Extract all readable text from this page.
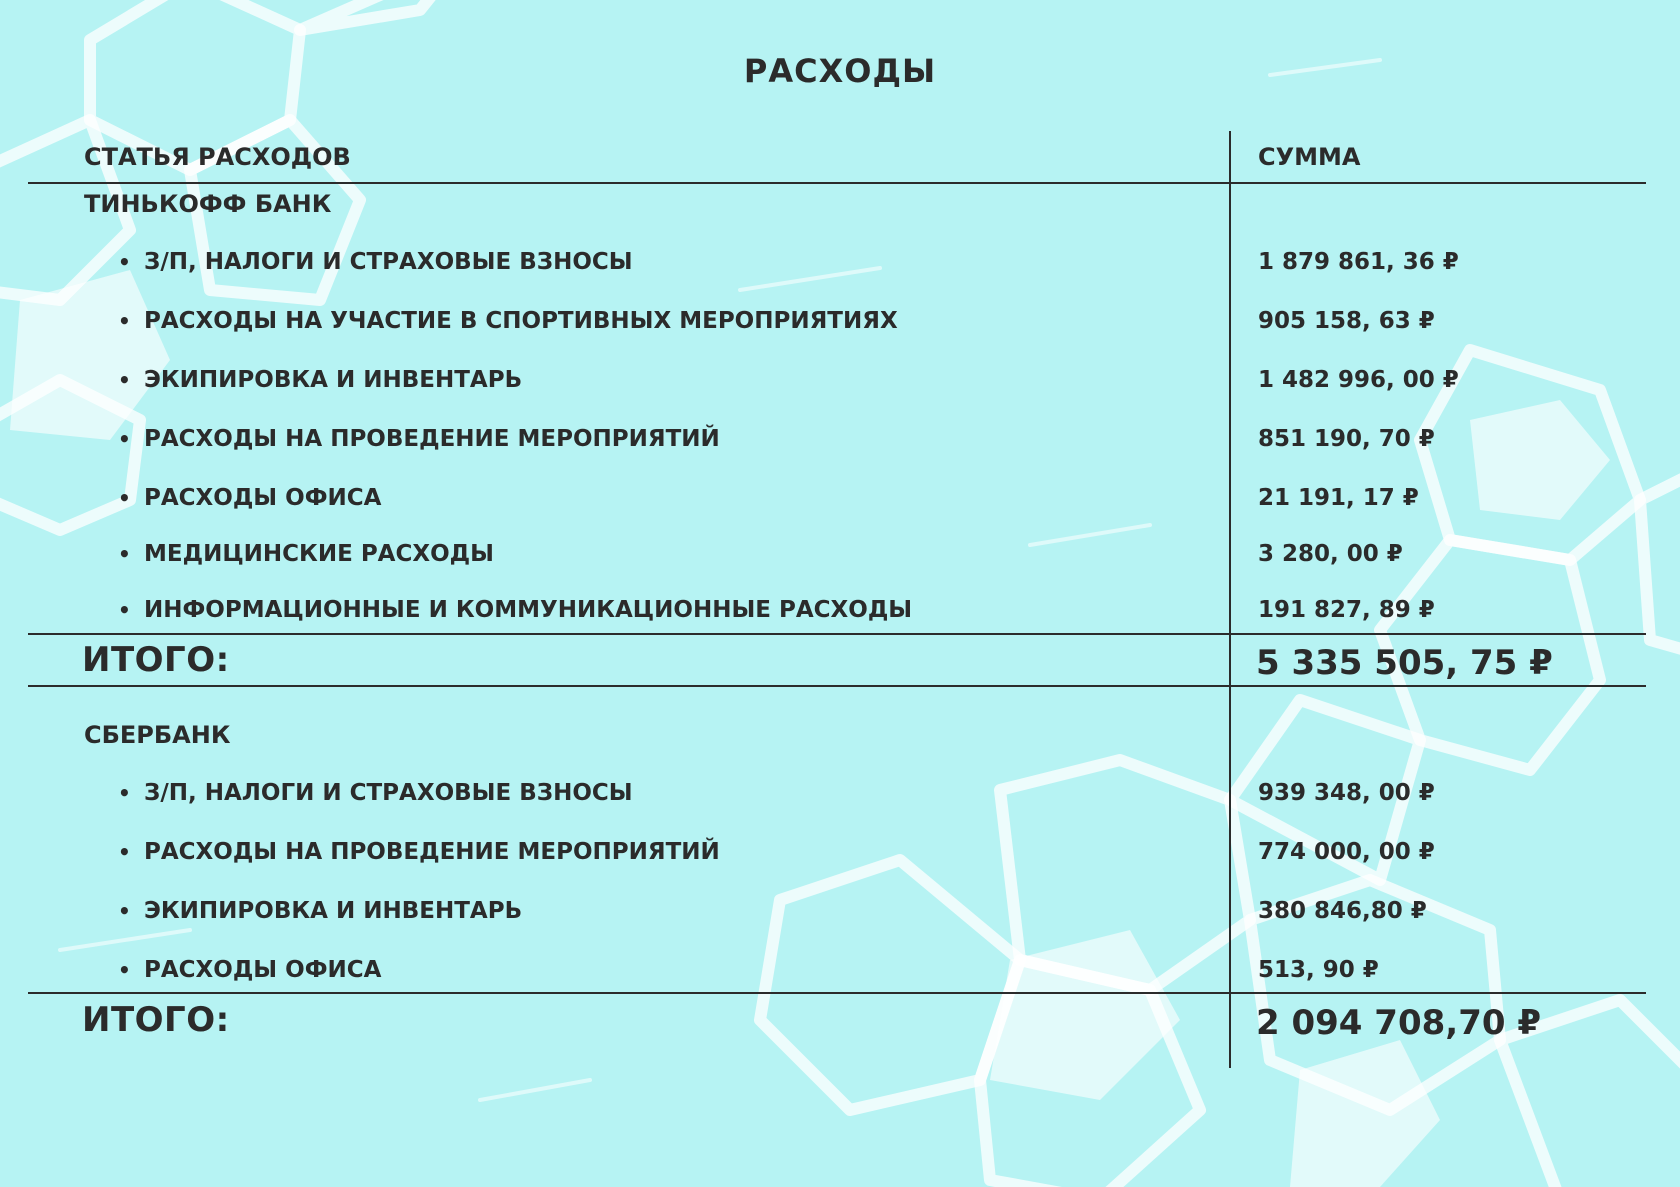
РАСХОДЫ
СТАТЬЯ РАСХОДОВ	СУММА
ТИНЬКОФФ БАНК
• З/П, НАЛОГИ И СТРАХОВЫЕ ВЗНОСЫ	1 879 861, 36 ₽
• РАСХОДЫ НА УЧАСТИЕ В СПОРТИВНЫХ МЕРОПРИЯТИЯХ	905 158, 63 ₽
• ЭКИПИРОВКА И ИНВЕНТАРЬ	1 482 996, 00 ₽
• РАСХОДЫ НА ПРОВЕДЕНИЕ МЕРОПРИЯТИЙ	851 190, 70 ₽
• РАСХОДЫ ОФИСА	21 191, 17 ₽
• МЕДИЦИНСКИЕ РАСХОДЫ	3 280, 00 ₽
• ИНФОРМАЦИОННЫЕ И КОММУНИКАЦИОННЫЕ РАСХОДЫ	191 827, 89 ₽
ИТОГО:	5 335 505, 75 ₽
СБЕРБАНК
• З/П, НАЛОГИ И СТРАХОВЫЕ ВЗНОСЫ	939 348, 00 ₽
• РАСХОДЫ НА ПРОВЕДЕНИЕ МЕРОПРИЯТИЙ	774 000, 00 ₽
• ЭКИПИРОВКА И ИНВЕНТАРЬ	380 846,80 ₽
• РАСХОДЫ ОФИСА	513, 90 ₽
ИТОГО:	2 094 708,70 ₽
